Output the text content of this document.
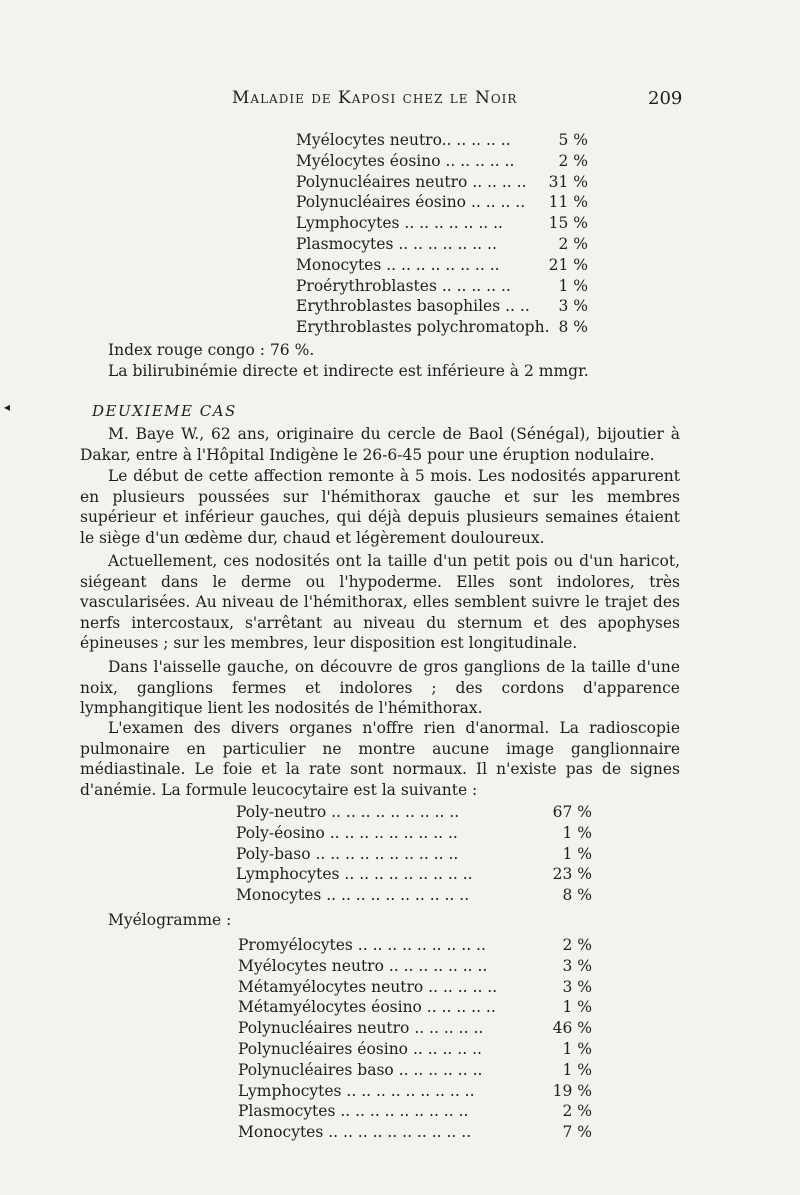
Maladie de Kaposi chez le Noir	209
Myélocytes neutro.. .. .. .. ..	5 %
Myélocytes éosino .. .. .. .. ..	2 %
Polynucléaires neutro .. .. .. .. 31 %
Polynucléaires éosino .. .. .. .. 11 %
Lymphocytes .. .. .. .. .. .. ..	15 %
Plasmocytes .. .. .. .. .. .. ..	2 %
Monocytes .. .. .. .. .. .. .. ..	21 %
Proérythroblastes .. .. .. .. ..	1 %
Erythroblastes basophiles .. .. 3 %
Erythroblastes polychromatoph. 8 %
Index rouge congo : 76 %.
La bilirubinémie directe et indirecte est inférieure à 2 mmgr.
◂	DEUXIEME CAS

M. Baye W., 62 ans, originaire du cercle de Baol (Sénégal), bijoutier à Dakar, entre à l'Hôpital Indigène le 26-6-45 pour une éruption nodulaire.

Le début de cette affection remonte à 5 mois. Les nodosités apparurent en plusieurs poussées sur l'hémithorax gauche et sur les membres supérieur et inférieur gauches, qui déjà depuis plusieurs semaines étaient le siège d'un œdème dur, chaud et légèrement douloureux.

Actuellement, ces nodosités ont la taille d'un petit pois ou d'un haricot, siégeant dans le derme ou l'hypoderme. Elles sont indolores, très vascularisées. Au niveau de l'hémithorax, elles semblent suivre le trajet des nerfs intercostaux, s'arrêtant au niveau du sternum et des apophyses épineuses ; sur les membres, leur disposition est longitudinale.

Dans l'aisselle gauche, on découvre de gros ganglions de la taille d'une noix, ganglions fermes et indolores ; des cordons d'apparence lymphangitique lient les nodosités de l'hémithorax.

L'examen des divers organes n'offre rien d'anormal. La radioscopie pulmonaire en particulier ne montre aucune image ganglionnaire médiastinale. Le foie et la rate sont normaux. Il n'existe pas de signes d'anémie. La formule leucocytaire est la suivante :

Poly-neutro .. .. .. .. .. .. .. .. ..	67 %
Poly-éosino .. .. .. .. .. .. .. .. ..	1 %
Poly-baso .. .. .. .. .. .. .. .. .. ..	1 %
Lymphocytes .. .. .. .. .. .. .. .. ..	23 %
Monocytes .. .. .. .. .. .. .. .. .. ..	8 %
Myélogramme :
Promyélocytes .. .. .. .. .. .. .. .. ..	2 %
Myélocytes neutro .. .. .. .. .. .. ..	3 %
Métamyélocytes neutro .. .. .. .. ..	3 %
Métamyélocytes éosino .. .. .. .. ..	1 %
Polynucléaires neutro .. .. .. .. ..	46 %
Polynucléaires éosino .. .. .. .. ..	1 %
Polynucléaires baso .. .. .. .. .. ..	1 %
Lymphocytes .. .. .. .. .. .. .. .. ..	19 %
Plasmocytes .. .. .. .. .. .. .. .. ..	2 %
Monocytes .. .. .. .. .. .. .. .. .. ..	7 %
